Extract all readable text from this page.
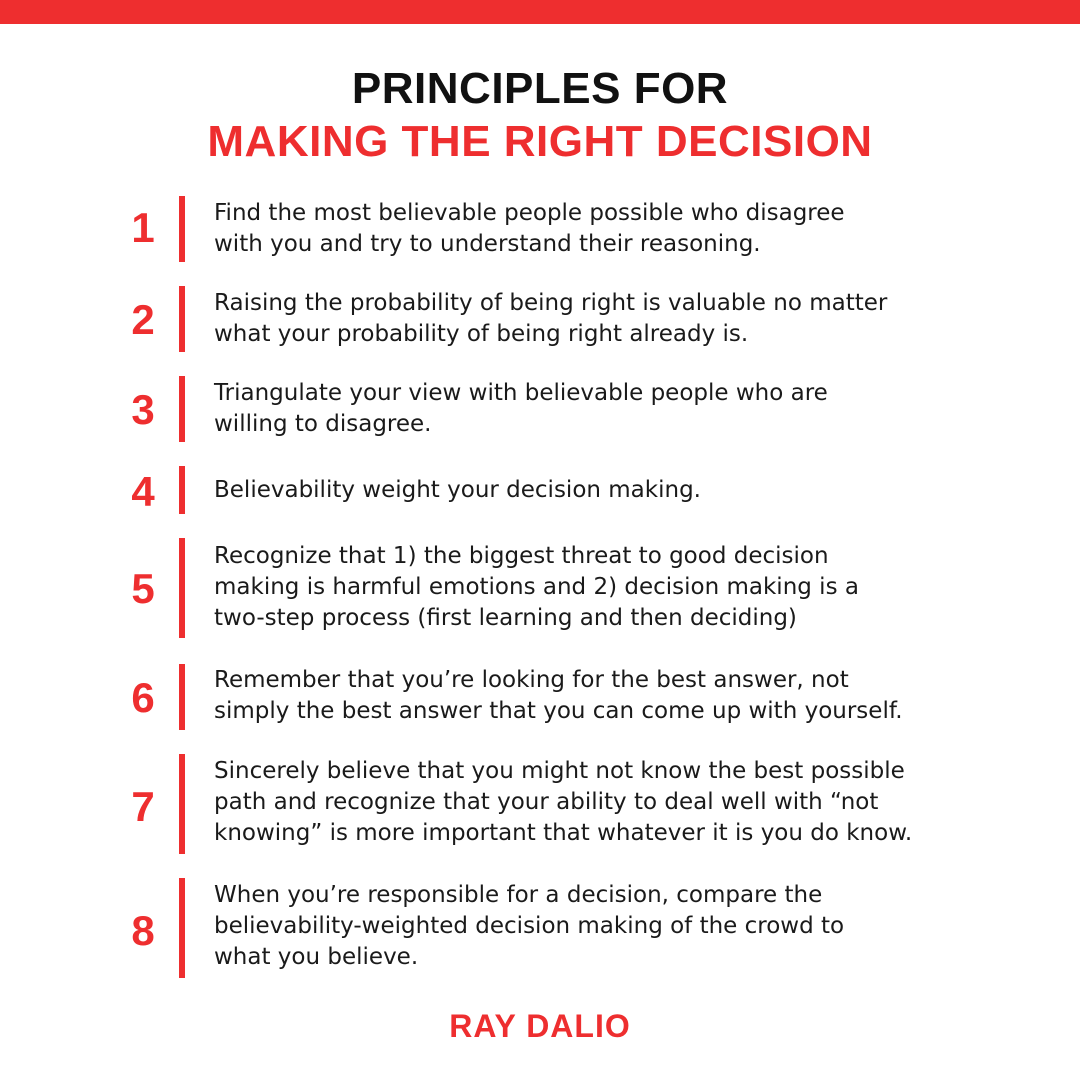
PRINCIPLES FOR
MAKING THE RIGHT DECISION
1	Find the most believable people possible who disagree
with you and try to understand their reasoning.
2	Raising the probability of being right is valuable no matter
what your probability of being right already is.
3	Triangulate your view with believable people who are
willing to disagree.
4	Believability weight your decision making.
5
Recognize that 1) the biggest threat to good decision
making is harmful emotions and 2) decision making is a
two-step process (first learning and then deciding)
6	Remember that you’re looking for the best answer, not
simply the best answer that you can come up with yourself.
7
Sincerely believe that you might not know the best possible
path and recognize that your ability to deal well with “not
knowing” is more important that whatever it is you do know.
8
When you’re responsible for a decision, compare the
believability-weighted decision making of the crowd to
what you believe.
RAY DALIO
